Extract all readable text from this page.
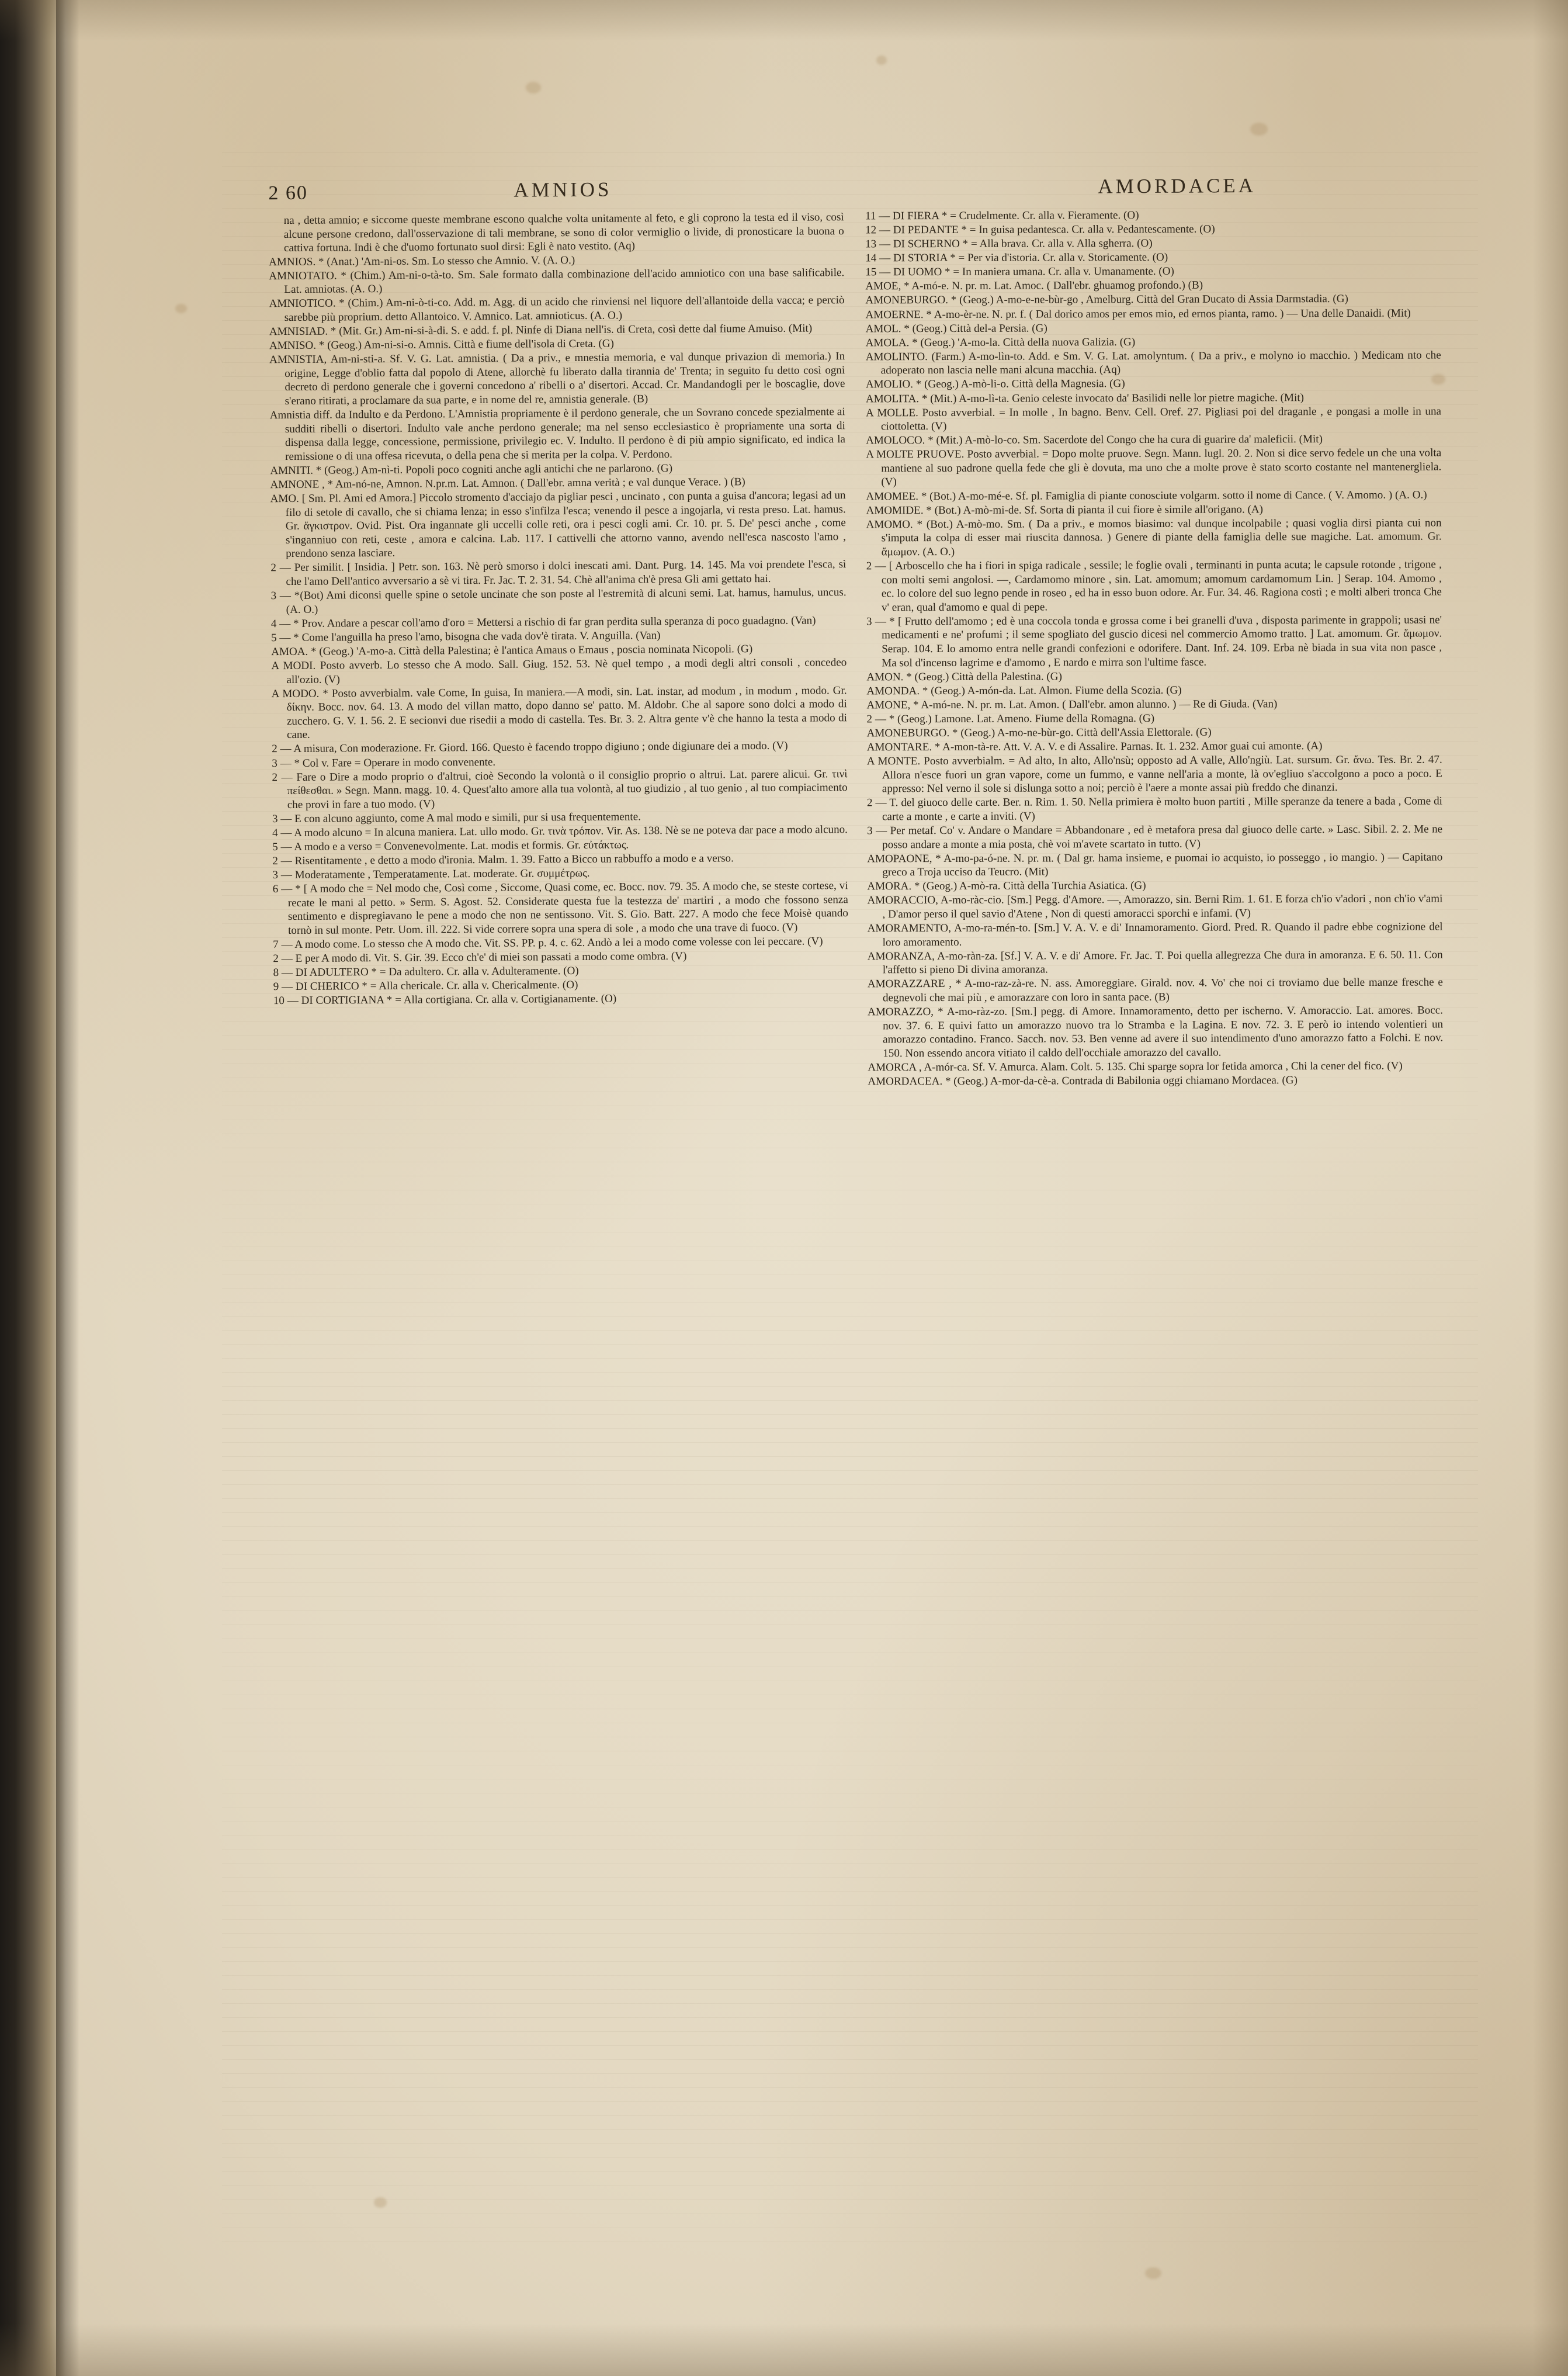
2 60	AMNIOS	AMORDACEA

na , detta amnio; e siccome queste membrane escono qualche volta unitamente al feto, e gli coprono la testa ed il viso, così alcune persone credono, dall'osservazione di tali membrane, se sono di color vermiglio o livide, di pronosticare la buona o cattiva fortuna. Indi è che d'uomo fortunato suol dirsi: Egli è nato vestito. (Aq)

AMNIOS. * (Anat.) 'Am-ni-os. Sm. Lo stesso che Amnio. V. (A. O.)

AMNIOTATO. * (Chim.) Am-ni-o-tà-to. Sm. Sale formato dalla combinazione dell'acido amniotico con una base salificabile. Lat. amniotas. (A. O.)

AMNIOTICO. * (Chim.) Am-ni-ò-ti-co. Add. m. Agg. di un acido che rinviensi nel liquore dell'allantoide della vacca; e perciò sarebbe più proprium. detto Allantoico. V. Amnico. Lat. amnioticus. (A. O.)

AMNISIAD. * (Mit. Gr.) Am-ni-si-à-di. S. e add. f. pl. Ninfe di Diana nell'is. di Creta, così dette dal fiume Amuiso. (Mit)

AMNISO. * (Geog.) Am-ni-si-o. Amnis. Città e fiume dell'isola di Creta. (G)

AMNISTIA, Am-ni-sti-a. Sf. V. G. Lat. amnistia. ( Da a priv., e mnestia memoria, e val dunque privazion di memoria.) In origine, Legge d'oblio fatta dal popolo di Atene, allorchè fu liberato dalla tirannia de' Trenta; in seguito fu detto così ogni decreto di perdono generale che i governi concedono a' ribelli o a' disertori. Accad. Cr. Mandandogli per le boscaglie, dove s'erano ritirati, a proclamare da sua parte, e in nome del re, amnistia generale. (B)

Amnistia diff. da Indulto e da Perdono. L'Amnistia propriamente è il perdono generale, che un Sovrano concede spezialmente ai sudditi ribelli o disertori. Indulto vale anche perdono generale; ma nel senso ecclesiastico è propriamente una sorta di dispensa dalla legge, concessione, permissione, privilegio ec. V. Indulto. Il perdono è di più ampio significato, ed indica la remissione o di una offesa ricevuta, o della pena che si merita per la colpa. V. Perdono.

AMNITI. * (Geog.) Am-nì-ti. Popoli poco cogniti anche agli antichi che ne parlarono. (G)

AMNONE , * Am-nó-ne, Amnon. N.pr.m. Lat. Amnon. ( Dall'ebr. amna verità ; e val dunque Verace. ) (B)

AMO. [ Sm. Pl. Ami ed Amora.] Piccolo stromento d'acciajo da pigliar pesci , uncinato , con punta a guisa d'ancora; legasi ad un filo di setole di cavallo, che si chiama lenza; in esso s'infilza l'esca; venendo il pesce a ingojarla, vi resta preso. Lat. hamus. Gr. ἄγκιστρον. Ovid. Pist. Ora ingannate gli uccelli colle reti, ora i pesci cogli ami. Cr. 10. pr. 5. De' pesci anche , come s'inganniuo con reti, ceste , amora e calcina. Lab. 117. I cattivelli che attorno vanno, avendo nell'esca nascosto l'amo , prendono senza lasciare.

2 — Per similit. [ Insidia. ] Petr. son. 163. Nè però smorso i dolci inescati ami. Dant. Purg. 14. 145. Ma voi prendete l'esca, sì che l'amo Dell'antico avversario a sè vi tira. Fr. Jac. T. 2. 31. 54. Chè all'anima ch'è presa Gli ami gettato hai.

3 — *(Bot) Ami diconsi quelle spine o setole uncinate che son poste al l'estremità di alcuni semi. Lat. hamus, hamulus, uncus. (A. O.)

4 — * Prov. Andare a pescar coll'amo d'oro = Mettersi a rischio di far gran perdita sulla speranza di poco guadagno. (Van)

5 — * Come l'anguilla ha preso l'amo, bisogna che vada dov'è tirata. V. Anguilla. (Van)

AMOA. * (Geog.) 'A-mo-a. Città della Palestina; è l'antica Amaus o Emaus , poscia nominata Nicopoli. (G)

A MODI. Posto avverb. Lo stesso che A modo. Sall. Giug. 152. 53. Nè quel tempo , a modi degli altri consoli , concedeo all'ozio. (V)

A MODO. * Posto avverbialm. vale Come, In guisa, In maniera.—A modi, sin. Lat. instar, ad modum , in modum , modo. Gr. δίκην. Bocc. nov. 64. 13. A modo del villan matto, dopo danno se' patto. M. Aldobr. Che al sapore sono dolci a modo di zucchero. G. V. 1. 56. 2. E secionvi due risedii a modo di castella. Tes. Br. 3. 2. Altra gente v'è che hanno la testa a modo di cane.

2 — A misura, Con moderazione. Fr. Giord. 166. Questo è facendo troppo digiuno ; onde digiunare dei a modo. (V)

3 — * Col v. Fare = Operare in modo convenente.

2 — Fare o Dire a modo proprio o d'altrui, cioè Secondo la volontà o il consiglio proprio o altrui. Lat. parere alicui. Gr. τινὶ πείθεσθαι. » Segn. Mann. magg. 10. 4. Quest'alto amore alla tua volontà, al tuo giudizio , al tuo genio , al tuo compiacimento che provi in fare a tuo modo. (V)

3 — E con alcuno aggiunto, come A mal modo e simili, pur si usa frequentemente.

4 — A modo alcuno = In alcuna maniera. Lat. ullo modo. Gr. τινὰ τρόπον. Vir. As. 138. Nè se ne poteva dar pace a modo alcuno.

5 — A modo e a verso = Convenevolmente. Lat. modis et formis. Gr. εὐτάκτως.

2 — Risentitamente , e detto a modo d'ironia. Malm. 1. 39. Fatto a Bicco un rabbuffo a modo e a verso.

3 — Moderatamente , Temperatamente. Lat. moderate. Gr. συμμέτρως.

6 — * [ A modo che = Nel modo che, Così come , Siccome, Quasi come, ec. Bocc. nov. 79. 35. A modo che, se steste cortese, vi recate le mani al petto. » Serm. S. Agost. 52. Considerate questa fue la testezza de' martiri , a modo che fossono senza sentimento e dispregiavano le pene a modo che non ne sentissono. Vit. S. Gio. Batt. 227. A modo che fece Moisè quando tornò in sul monte. Petr. Uom. ill. 222. Si vide correre sopra una spera di sole , a modo che una trave di fuoco. (V)

7 — A modo come. Lo stesso che A modo che. Vit. SS. PP. p. 4. c. 62. Andò a lei a modo come volesse con lei peccare. (V)

2 — E per A modo di. Vit. S. Gir. 39. Ecco ch'e' di miei son passati a modo come ombra. (V)

8 — DI ADULTERO * = Da adultero. Cr. alla v. Adulteramente. (O)

9 — DI CHERICO * = Alla chericale. Cr. alla v. Chericalmente. (O)

10 — DI CORTIGIANA * = Alla cortigiana. Cr. alla v. Cortigianamente. (O)

11 — DI FIERA * = Crudelmente. Cr. alla v. Fieramente. (O)

12 — DI PEDANTE * = In guisa pedantesca. Cr. alla v. Pedantescamente. (O)

13 — DI SCHERNO * = Alla brava. Cr. alla v. Alla sgherra. (O)

14 — DI STORIA * = Per via d'istoria. Cr. alla v. Storicamente. (O)

15 — DI UOMO * = In maniera umana. Cr. alla v. Umanamente. (O)

AMOE, * A-mó-e. N. pr. m. Lat. Amoc. ( Dall'ebr. ghuamog profondo.) (B)

AMONEBURGO. * (Geog.) A-mo-e-ne-bùr-go , Amelburg. Città del Gran Ducato di Assia Darmstadia. (G)

AMOERNE. * A-mo-èr-ne. N. pr. f. ( Dal dorico amos per emos mio, ed ernos pianta, ramo. ) — Una delle Danaidi. (Mit)

AMOL. * (Geog.) Città del-a Persia. (G)

AMOLA. * (Geog.) 'A-mo-la. Città della nuova Galizia. (G)

AMOLINTO. (Farm.) A-mo-lìn-to. Add. e Sm. V. G. Lat. amolyntum. ( Da a priv., e molyno io macchio. ) Medicam nto che adoperato non lascia nelle mani alcuna macchia. (Aq)

AMOLIO. * (Geog.) A-mò-li-o. Città della Magnesia. (G)

AMOLITA. * (Mit.) A-mo-lì-ta. Genio celeste invocato da' Basilidi nelle lor pietre magiche. (Mit)

A MOLLE. Posto avverbial. = In molle , In bagno. Benv. Cell. Oref. 27. Pigliasi poi del draganle , e pongasi a molle in una ciottoletta. (V)

AMOLOCO. * (Mit.) A-mò-lo-co. Sm. Sacerdote del Congo che ha cura di guarire da' maleficii. (Mit)

A MOLTE PRUOVE. Posto avverbial. = Dopo molte pruove. Segn. Mann. lugl. 20. 2. Non si dice servo fedele un che una volta mantiene al suo padrone quella fede che gli è dovuta, ma uno che a molte prove è stato scorto costante nel mantenergliela. (V)

AMOMEE. * (Bot.) A-mo-mé-e. Sf. pl. Famiglia di piante conosciute volgarm. sotto il nome di Cance. ( V. Amomo. ) (A. O.)

AMOMIDE. * (Bot.) A-mò-mi-de. Sf. Sorta di pianta il cui fiore è simile all'origano. (A)

AMOMO. * (Bot.) A-mò-mo. Sm. ( Da a priv., e momos biasimo: val dunque incolpabile ; quasi voglia dirsi pianta cui non s'imputa la colpa di esser mai riuscita dannosa. ) Genere di piante della famiglia delle sue magiche. Lat. amomum. Gr. ἄμωμον. (A. O.)

2 — [ Arboscello che ha i fiori in spiga radicale , sessile; le foglie ovali , terminanti in punta acuta; le capsule rotonde , trigone , con molti semi angolosi. —, Cardamomo minore , sin. Lat. amomum; amomum cardamomum Lin. ] Serap. 104. Amomo , ec. lo colore del suo legno pende in roseo , ed ha in esso buon odore. Ar. Fur. 34. 46. Ragiona costì ; e molti alberi tronca Che v' eran, qual d'amomo e qual di pepe.

3 — * [ Frutto dell'amomo ; ed è una coccola tonda e grossa come i bei granelli d'uva , disposta parimente in grappoli; usasi ne' medicamenti e ne' profumi ; il seme spogliato del guscio dicesi nel commercio Amomo tratto. ] Lat. amomum. Gr. ἄμωμον. Serap. 104. E lo amomo entra nelle grandi confezioni e odorifere. Dant. Inf. 24. 109. Erba nè biada in sua vita non pasce , Ma sol d'incenso lagrime e d'amomo , E nardo e mirra son l'ultime fasce.

AMON. * (Geog.) Città della Palestina. (G)

AMONDA. * (Geog.) A-món-da. Lat. Almon. Fiume della Scozia. (G)

AMONE, * A-mó-ne. N. pr. m. Lat. Amon. ( Dall'ebr. amon alunno. ) — Re di Giuda. (Van)

2 — * (Geog.) Lamone. Lat. Ameno. Fiume della Romagna. (G)

AMONEBURGO. * (Geog.) A-mo-ne-bùr-go. Città dell'Assia Elettorale. (G)

AMONTARE. * A-mon-tà-re. Att. V. A. V. e di Assalire. Parnas. It. 1. 232. Amor guai cui amonte. (A)

A MONTE. Posto avverbialm. = Ad alto, In alto, Allo'nsù; opposto ad A valle, Allo'ngiù. Lat. sursum. Gr. ἄνω. Tes. Br. 2. 47. Allora n'esce fuori un gran vapore, come un fummo, e vanne nell'aria a monte, là ov'egliuo s'accolgono a poco a poco. E appresso: Nel verno il sole si dislunga sotto a noi; perciò è l'aere a monte assai più freddo che dinanzi.

2 — T. del giuoco delle carte. Ber. n. Rim. 1. 50. Nella primiera è molto buon partiti , Mille speranze da tenere a bada , Come di carte a monte , e carte a inviti. (V)

3 — Per metaf. Co' v. Andare o Mandare = Abbandonare , ed è metafora presa dal giuoco delle carte. » Lasc. Sibil. 2. 2. Me ne posso andare a monte a mia posta, chè voi m'avete scartato in tutto. (V)

AMOPAONE, * A-mo-pa-ó-ne. N. pr. m. ( Dal gr. hama insieme, e puomai io acquisto, io posseggo , io mangio. ) — Capitano greco a Troja ucciso da Teucro. (Mit)

AMORA. * (Geog.) A-mò-ra. Città della Turchia Asiatica. (G)

AMORACCIO, A-mo-ràc-cio. [Sm.] Pegg. d'Amore. —, Amorazzo, sin. Berni Rim. 1. 61. E forza ch'io v'adori , non ch'io v'ami , D'amor perso il quel savio d'Atene , Non di questi amoracci sporchi e infami. (V)

AMORAMENTO, A-mo-ra-mén-to. [Sm.] V. A. V. e di' Innamoramento. Giord. Pred. R. Quando il padre ebbe cognizione del loro amoramento.

AMORANZA, A-mo-ràn-za. [Sf.] V. A. V. e di' Amore. Fr. Jac. T. Poi quella allegrezza Che dura in amoranza. E 6. 50. 11. Con l'affetto si pieno Di divina amoranza.

AMORAZZARE , * A-mo-raz-zà-re. N. ass. Amoreggiare. Girald. nov. 4. Vo' che noi ci troviamo due belle manze fresche e degnevoli che mai più , e amorazzare con loro in santa pace. (B)

AMORAZZO, * A-mo-ràz-zo. [Sm.] pegg. di Amore. Innamoramento, detto per ischerno. V. Amoraccio. Lat. amores. Bocc. nov. 37. 6. E quivi fatto un amorazzo nuovo tra lo Stramba e la Lagina. E nov. 72. 3. E però io intendo volentieri un amorazzo contadino. Franco. Sacch. nov. 53. Ben venne ad avere il suo intendimento d'uno amorazzo fatto a Folchi. E nov. 150. Non essendo ancora vitiato il caldo dell'occhiale amorazzo del cavallo.

AMORCA , A-mór-ca. Sf. V. Amurca. Alam. Colt. 5. 135. Chi sparge sopra lor fetida amorca , Chi la cener del fico. (V)

AMORDACEA. * (Geog.) A-mor-da-cè-a. Contrada di Babilonia oggi chiamano Mordacea. (G)
